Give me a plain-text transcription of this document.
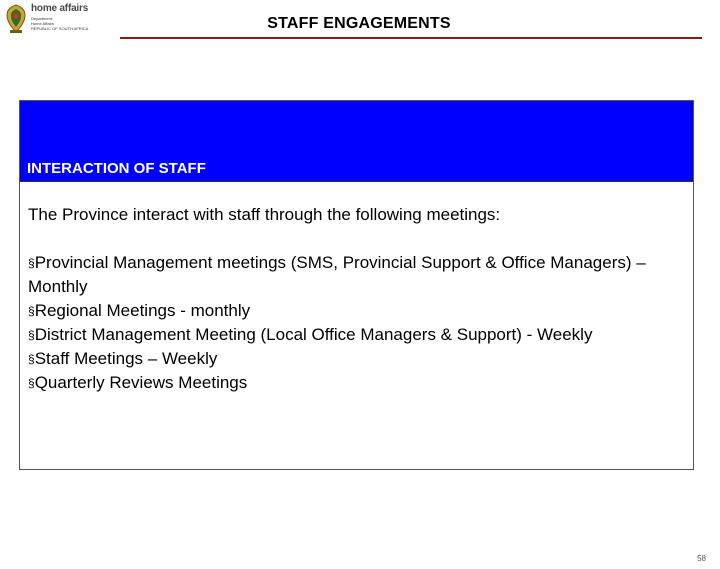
home affairs
Department:
Home Affairs
REPUBLIC OF SOUTH AFRICA	STAFF ENGAGEMENTS
INTERACTION OF STAFF

The Province interact with staff through the following meetings:

§Provincial Management meetings (SMS, Provincial Support & Office Managers) – Monthly
§Regional Meetings - monthly
§District Management Meeting (Local Office Managers & Support) - Weekly
§Staff Meetings – Weekly
§Quarterly Reviews Meetings
58
